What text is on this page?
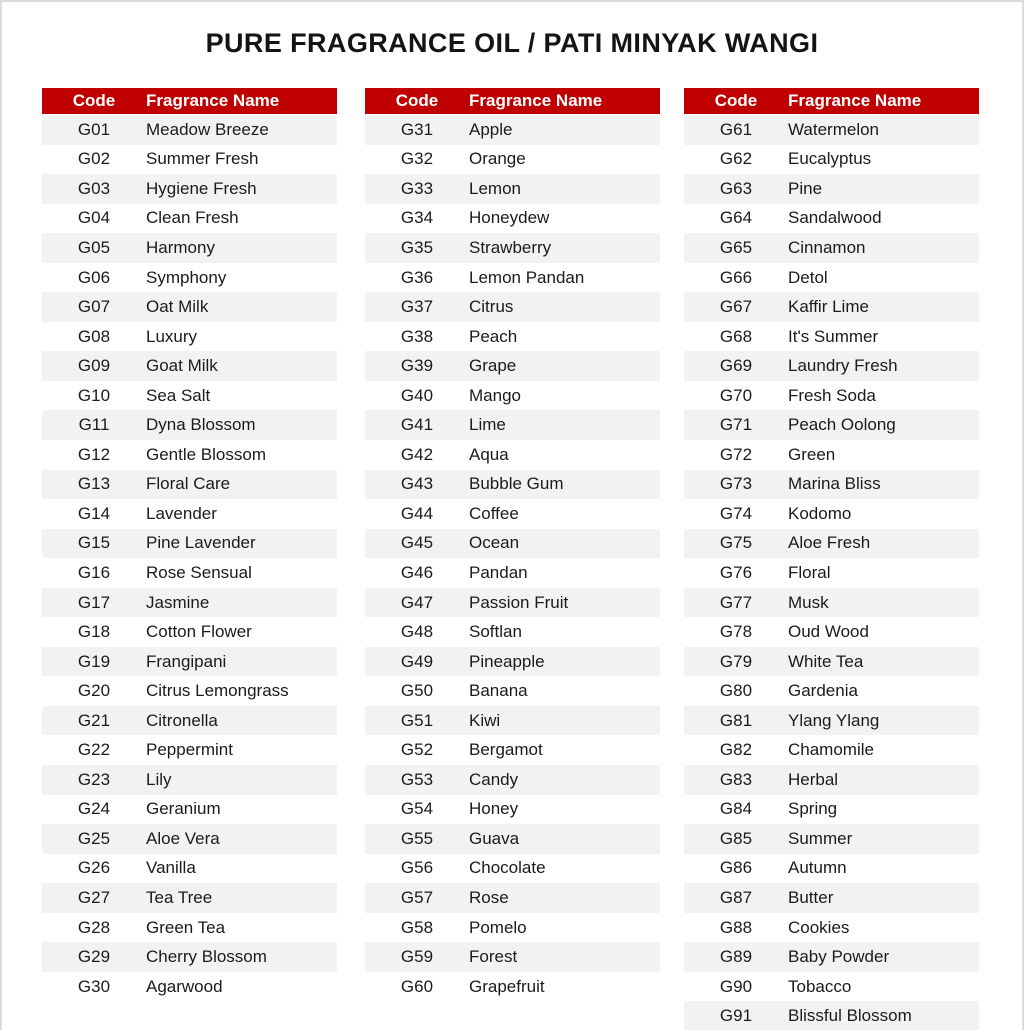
PURE FRAGRANCE OIL / PATI MINYAK WANGI
Code	Fragrance Name
G01	Meadow Breeze
G02	Summer Fresh
G03	Hygiene Fresh
G04	Clean Fresh
G05	Harmony
G06	Symphony
G07	Oat Milk
G08	Luxury
G09	Goat Milk
G10	Sea Salt
G11	Dyna Blossom
G12	Gentle Blossom
G13	Floral Care
G14	Lavender
G15	Pine Lavender
G16	Rose Sensual
G17	Jasmine
G18	Cotton Flower
G19	Frangipani
G20	Citrus Lemongrass
G21	Citronella
G22	Peppermint
G23	Lily
G24	Geranium
G25	Aloe Vera
G26	Vanilla
G27	Tea Tree
G28	Green Tea
G29	Cherry Blossom
G30	Agarwood
Code	Fragrance Name
G31	Apple
G32	Orange
G33	Lemon
G34	Honeydew
G35	Strawberry
G36	Lemon Pandan
G37	Citrus
G38	Peach
G39	Grape
G40	Mango
G41	Lime
G42	Aqua
G43	Bubble Gum
G44	Coffee
G45	Ocean
G46	Pandan
G47	Passion Fruit
G48	Softlan
G49	Pineapple
G50	Banana
G51	Kiwi
G52	Bergamot
G53	Candy
G54	Honey
G55	Guava
G56	Chocolate
G57	Rose
G58	Pomelo
G59	Forest
G60	Grapefruit
Code	Fragrance Name
G61	Watermelon
G62	Eucalyptus
G63	Pine
G64	Sandalwood
G65	Cinnamon
G66	Detol
G67	Kaffir Lime
G68	It's Summer
G69	Laundry Fresh
G70	Fresh Soda
G71	Peach Oolong
G72	Green
G73	Marina Bliss
G74	Kodomo
G75	Aloe Fresh
G76	Floral
G77	Musk
G78	Oud Wood
G79	White Tea
G80	Gardenia
G81	Ylang Ylang
G82	Chamomile
G83	Herbal
G84	Spring
G85	Summer
G86	Autumn
G87	Butter
G88	Cookies
G89	Baby Powder
G90	Tobacco
G91	Blissful Blossom
